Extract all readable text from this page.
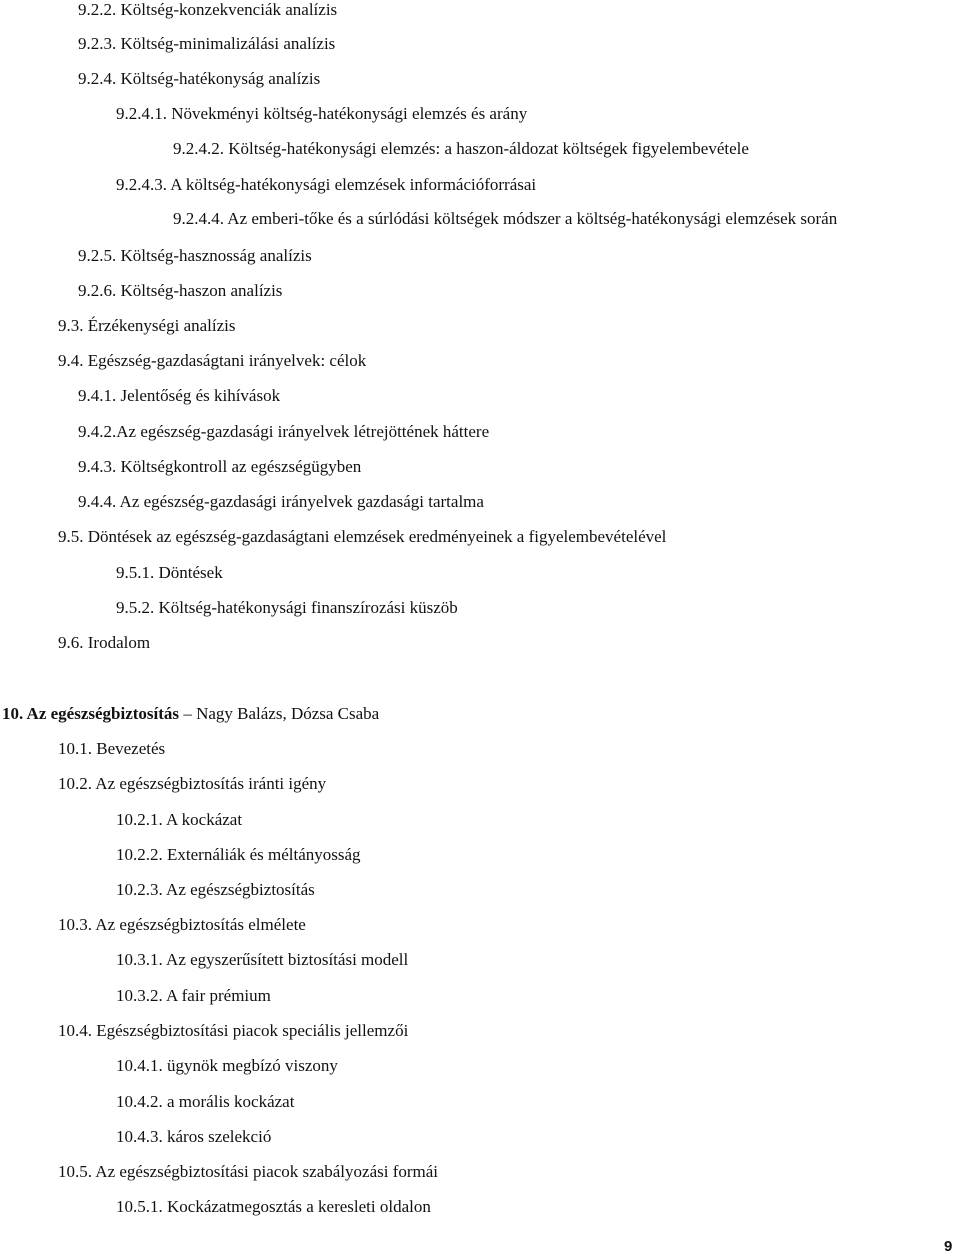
9.2.2. Költség-konzekvenciák analízis
9.2.3. Költség-minimalizálási analízis
9.2.4. Költség-hatékonyság analízis
9.2.4.1. Növekményi költség-hatékonysági elemzés és arány
9.2.4.2. Költség-hatékonysági elemzés: a haszon-áldozat költségek figyelembevétele
9.2.4.3. A költség-hatékonysági elemzések információforrásai
9.2.4.4. Az emberi-tőke és a súrlódási költségek módszer a költség-hatékonysági elemzések során
9.2.5. Költség-hasznosság analízis
9.2.6. Költség-haszon analízis
9.3. Érzékenységi analízis
9.4. Egészség-gazdaságtani irányelvek: célok
9.4.1. Jelentőség és kihívások
9.4.2.Az egészség-gazdasági irányelvek létrejöttének háttere
9.4.3. Költségkontroll az egészségügyben
9.4.4. Az egészség-gazdasági irányelvek gazdasági tartalma
9.5. Döntések az egészség-gazdaságtani elemzések eredményeinek a figyelembevételével
9.5.1. Döntések
9.5.2. Költség-hatékonysági finanszírozási küszöb
9.6. Irodalom
10. Az egészségbiztosítás – Nagy Balázs, Dózsa Csaba
10.1. Bevezetés
10.2. Az egészségbiztosítás iránti igény
10.2.1. A kockázat
10.2.2. Externáliák és méltányosság
10.2.3. Az egészségbiztosítás
10.3. Az egészségbiztosítás elmélete
10.3.1. Az egyszerűsített biztosítási modell
10.3.2. A fair prémium
10.4. Egészségbiztosítási piacok speciális jellemzői
10.4.1. ügynök megbízó viszony
10.4.2. a morális kockázat
10.4.3. káros szelekció
10.5. Az egészségbiztosítási piacok szabályozási formái
10.5.1. Kockázatmegosztás a keresleti oldalon
9
